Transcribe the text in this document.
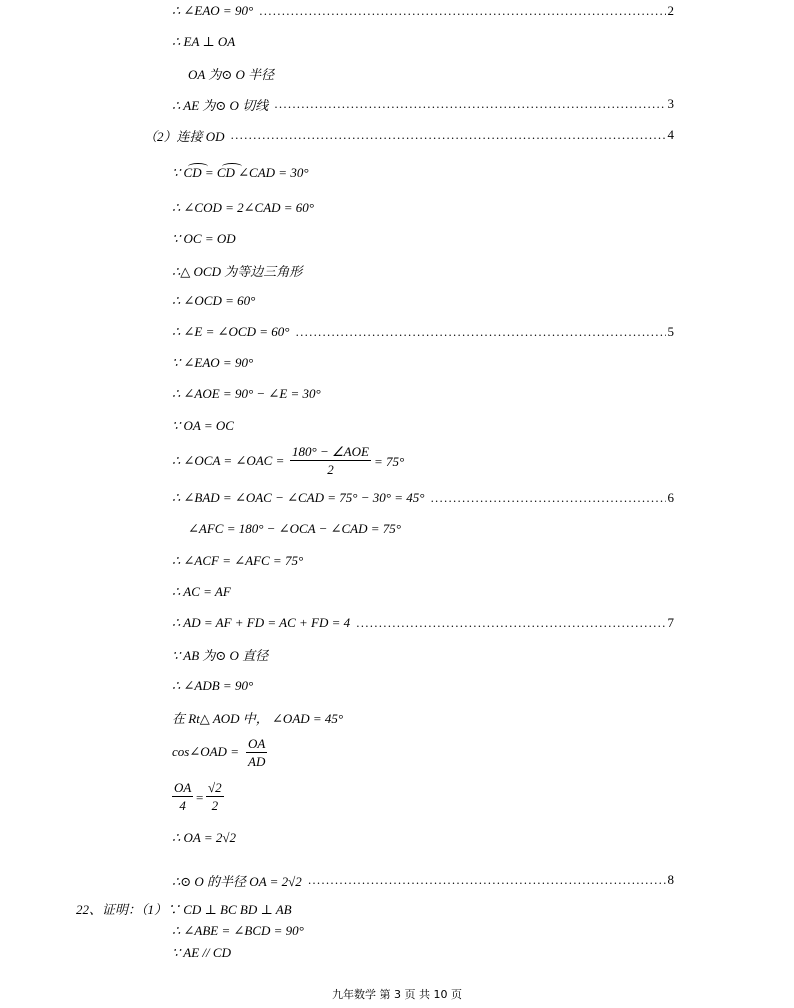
∴ ∠EAO = 90° .....	2
∴ EA ⊥ OA
OA 为⊙ O 半径
∴ AE 为⊙ O 切线 .....	3
（2）连接 OD .....	4
∵ CD = CD ∠CAD = 30°
∴ ∠COD = 2∠CAD = 60°
∵ OC = OD
∴△ OCD 为等边三角形
∴ ∠OCD = 60°
∴ ∠E = ∠OCD = 60° .....	5
∵ ∠EAO = 90°
∴ ∠AOE = 90° − ∠E = 30°
∵ OA = OC
∴ ∠OCA = ∠OAC =
180° − ∠AOE
2
= 75°
∴ ∠BAD = ∠OAC − ∠CAD = 75° − 30° = 45° .....	6
∠AFC = 180° − ∠OCA − ∠CAD = 75°
∴ ∠ACF = ∠AFC = 75°
∴ AC = AF
∴ AD = AF + FD = AC + FD = 4 .....	7
∵ AB 为⊙ O 直径
∴ ∠ADB = 90°
在 Rt△ AOD 中， ∠OAD = 45°
cos∠OAD = $\frac{OA}{AD}$
$\frac{OA}{4} = \frac{√2}{2}$
∴ OA = 2√2
∴⊙ O 的半径 OA = 2√2 .....	8
22、证明：（1）∵ CD ⊥ BC BD ⊥ AB
∴ ∠ABE = ∠BCD = 90°
∵ AE // CD
九年数学 第 3 页 共 10 页
